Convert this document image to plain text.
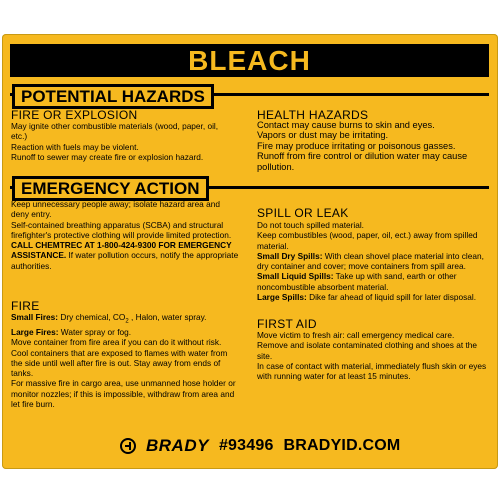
BLEACH
POTENTIAL HAZARDS
FIRE OR EXPLOSION

May ignite other combustible materials (wood, paper, oil, etc.)

Reaction with fuels may be violent.

Runoff to sewer may create fire or explosion hazard.

HEALTH HAZARDS

Contact may cause burns to skin and eyes.

Vapors or dust may be irritating.

Fire may produce irritating or poisonous gasses.

Runoff from fire control or dilution water may cause pollution.

EMERGENCY ACTION

Keep unnecessary people away; isolate hazard area and deny entry.

Self-contained breathing apparatus (SCBA) and structural firefighter's protective clothing will provide limited protection.

CALL CHEMTREC AT 1-800-424-9300 FOR EMERGENCY ASSISTANCE. If water pollution occurs, notify the appropriate authorities.

FIRE

Small Fires: Dry chemical, $CO_2$ , Halon, water spray.

Large Fires: Water spray or fog.

Move container from fire area if you can do it without risk.

Cool containers that are exposed to flames with water from the side until well after fire is out. Stay away from ends of tanks.

For massive fire in cargo area, use unmanned hose holder or monitor nozzles; if this is impossible, withdraw from area and let fire burn.

SPILL OR LEAK

Do not touch spilled material.

Keep combustibles (wood, paper, oil, ect.) away from spilled material.

Small Dry Spills: With clean shovel place material into clean, dry container and cover; move containers from spill area.

Small Liquid Spills: Take up with sand, earth or other noncombustible absorbent material.

Large Spills: Dike far ahead of liquid spill for later disposal.

FIRST AID

Move victim to fresh air: call emergency medical care.

Remove and isolate contaminated clothing and shoes at the site.

In case of contact with material, immediately flush skin or eyes with running water for at least 15 minutes.

BRADY #93496 BRADYID.COM
